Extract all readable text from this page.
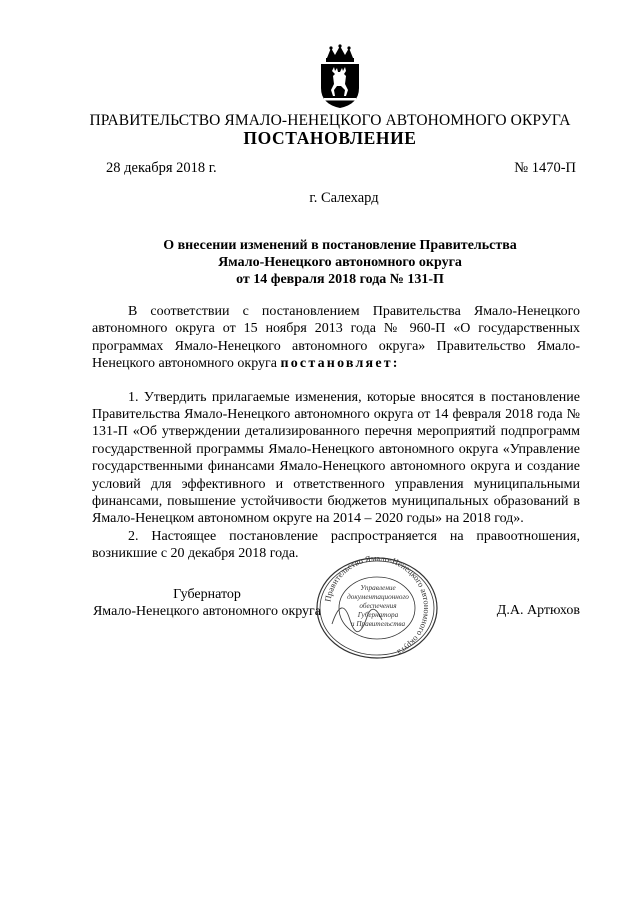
ПРАВИТЕЛЬСТВО ЯМАЛО-НЕНЕЦКОГО АВТОНОМНОГО ОКРУГА
ПОСТАНОВЛЕНИЕ
28 декабря 2018 г.	№ 1470-П
г. Салехард
О внесении изменений в постановление Правительства
Ямало-Ненецкого автономного округа
от 14 февраля 2018 года № 131-П

В соответствии с постановлением Правительства Ямало-Ненецкого автономного округа от 15 ноября 2013 года № 960-П «О государственных программах Ямало-Ненецкого автономного округа» Правительство Ямало-Ненецкого автономного округа постановляет:

1. Утвердить прилагаемые изменения, которые вносятся в постановление Правительства Ямало-Ненецкого автономного округа от 14 февраля 2018 года № 131-П «Об утверждении детализированного перечня мероприятий подпрограмм государственной программы Ямало-Ненецкого автономного округа «Управление государственными финансами Ямало-Ненецкого автономного округа и создание условий для эффективного и ответственного управления муниципальными финансами, повышение устойчивости бюджетов муниципальных образований в Ямало-Ненецком автономном округе на 2014 – 2020 годы» на 2018 год».

2. Настоящее постановление распространяется на правоотношения, возникшие с 20 декабря 2018 года.

Губернатор
Ямало-Ненецкого автономного округа	Д.А. Артюхов
Правительство Ямало-Ненецкого автономного округа
Управление
документационного
обеспечения
Губернатора
и Правительства
